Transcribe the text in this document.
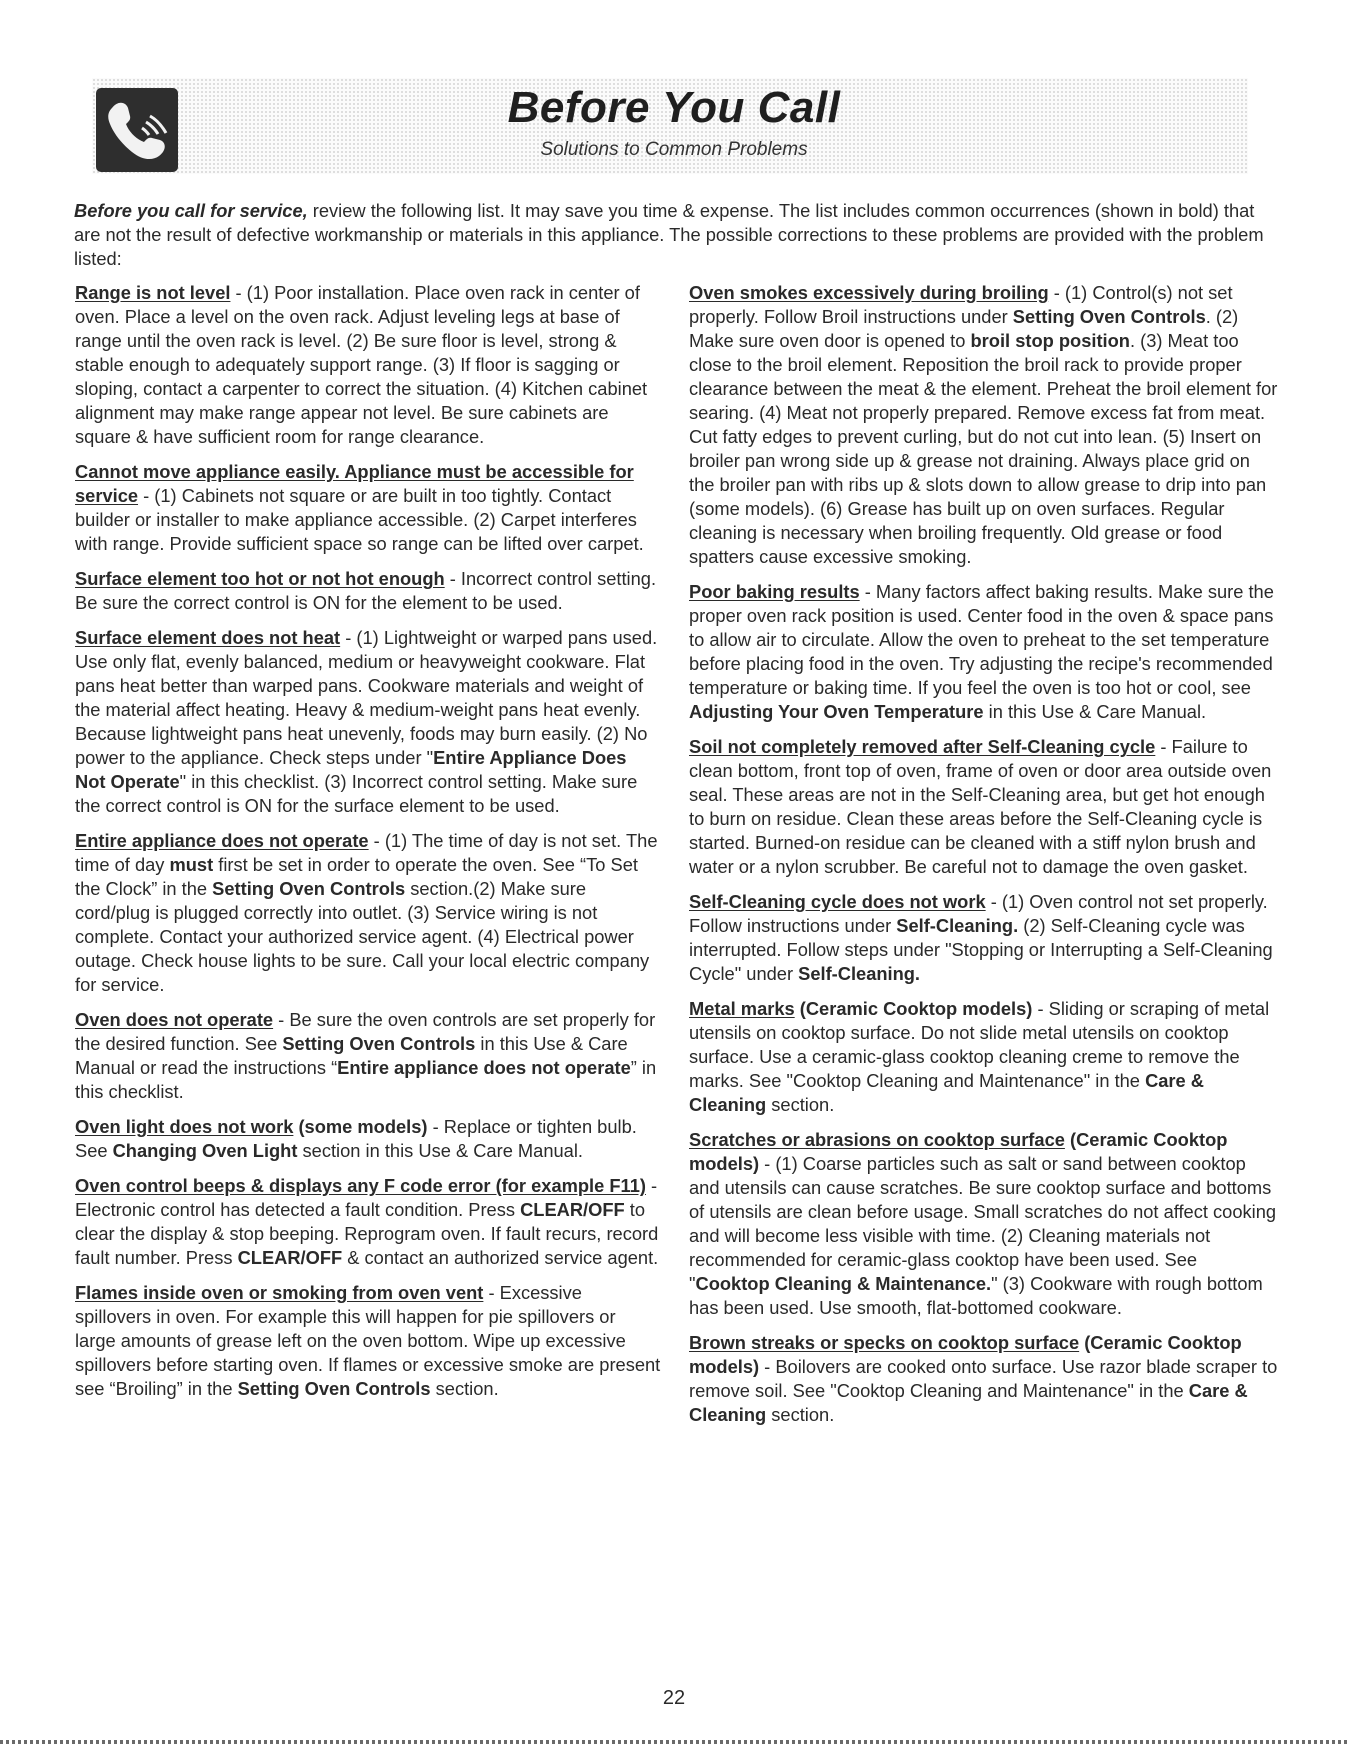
Before You Call
Solutions to Common Problems

Before you call for service, review the following list. It may save you time & expense. The list includes common occurrences (shown in bold) that are not the result of defective workmanship or materials in this appliance. The possible corrections to these problems are provided with the problem listed:

Range is not level - (1) Poor installation. Place oven rack in center of oven. Place a level on the oven rack. Adjust leveling legs at base of range until the oven rack is level. (2) Be sure floor is level, strong & stable enough to adequately support range. (3) If floor is sagging or sloping, contact a carpenter to correct the situation. (4) Kitchen cabinet alignment may make range appear not level. Be sure cabinets are square & have sufficient room for range clearance.

Cannot move appliance easily. Appliance must be accessible for service - (1) Cabinets not square or are built in too tightly. Contact builder or installer to make appliance accessible. (2) Carpet interferes with range. Provide sufficient space so range can be lifted over carpet.

Surface element too hot or not hot enough - Incorrect control setting. Be sure the correct control is ON for the element to be used.

Surface element does not heat - (1) Lightweight or warped pans used. Use only flat, evenly balanced, medium or heavyweight cookware. Flat pans heat better than warped pans. Cookware materials and weight of the material affect heating. Heavy & medium-weight pans heat evenly. Because lightweight pans heat unevenly, foods may burn easily. (2) No power to the appliance. Check steps under "Entire Appliance Does Not Operate" in this checklist. (3) Incorrect control setting. Make sure the correct control is ON for the surface element to be used.

Entire appliance does not operate - (1) The time of day is not set. The time of day must first be set in order to operate the oven. See “To Set the Clock” in the Setting Oven Controls section.(2) Make sure cord/plug is plugged correctly into outlet. (3) Service wiring is not complete. Contact your authorized service agent. (4) Electrical power outage. Check house lights to be sure. Call your local electric company for service.

Oven does not operate - Be sure the oven controls are set properly for the desired function. See Setting Oven Controls in this Use & Care Manual or read the instructions “Entire appliance does not operate” in this checklist.

Oven light does not work (some models) - Replace or tighten bulb. See Changing Oven Light section in this Use & Care Manual.

Oven control beeps & displays any F code error (for example F11) - Electronic control has detected a fault condition. Press CLEAR/OFF to clear the display & stop beeping. Reprogram oven. If fault recurs, record fault number. Press CLEAR/OFF & contact an authorized service agent.

Flames inside oven or smoking from oven vent - Excessive spillovers in oven. For example this will happen for pie spillovers or large amounts of grease left on the oven bottom. Wipe up excessive spillovers before starting oven. If flames or excessive smoke are present see “Broiling” in the Setting Oven Controls section.

Oven smokes excessively during broiling - (1) Control(s) not set properly. Follow Broil instructions under Setting Oven Controls. (2) Make sure oven door is opened to broil stop position. (3) Meat too close to the broil element. Reposition the broil rack to provide proper clearance between the meat & the element. Preheat the broil element for searing. (4) Meat not properly prepared. Remove excess fat from meat. Cut fatty edges to prevent curling, but do not cut into lean. (5) Insert on broiler pan wrong side up & grease not draining. Always place grid on the broiler pan with ribs up & slots down to allow grease to drip into pan (some models). (6) Grease has built up on oven surfaces. Regular cleaning is necessary when broiling frequently. Old grease or food spatters cause excessive smoking.

Poor baking results - Many factors affect baking results. Make sure the proper oven rack position is used. Center food in the oven & space pans to allow air to circulate. Allow the oven to preheat to the set temperature before placing food in the oven. Try adjusting the recipe's recommended temperature or baking time. If you feel the oven is too hot or cool, see Adjusting Your Oven Temperature in this Use & Care Manual.

Soil not completely removed after Self-Cleaning cycle - Failure to clean bottom, front top of oven, frame of oven or door area outside oven seal. These areas are not in the Self-Cleaning area, but get hot enough to burn on residue. Clean these areas before the Self-Cleaning cycle is started. Burned-on residue can be cleaned with a stiff nylon brush and water or a nylon scrubber. Be careful not to damage the oven gasket.

Self-Cleaning cycle does not work - (1) Oven control not set properly. Follow instructions under Self-Cleaning. (2) Self-Cleaning cycle was interrupted. Follow steps under "Stopping or Interrupting a Self-Cleaning Cycle" under Self-Cleaning.

Metal marks (Ceramic Cooktop models) - Sliding or scraping of metal utensils on cooktop surface. Do not slide metal utensils on cooktop surface. Use a ceramic-glass cooktop cleaning creme to remove the marks. See "Cooktop Cleaning and Maintenance" in the Care & Cleaning section.

Scratches or abrasions on cooktop surface (Ceramic Cooktop models) - (1) Coarse particles such as salt or sand between cooktop and utensils can cause scratches. Be sure cooktop surface and bottoms of utensils are clean before usage. Small scratches do not affect cooking and will become less visible with time. (2) Cleaning materials not recommended for ceramic-glass cooktop have been used. See "Cooktop Cleaning & Maintenance." (3) Cookware with rough bottom has been used. Use smooth, flat-bottomed cookware.

Brown streaks or specks on cooktop surface (Ceramic Cooktop models) - Boilovers are cooked onto surface. Use razor blade scraper to remove soil. See "Cooktop Cleaning and Maintenance" in the Care & Cleaning section.

22
